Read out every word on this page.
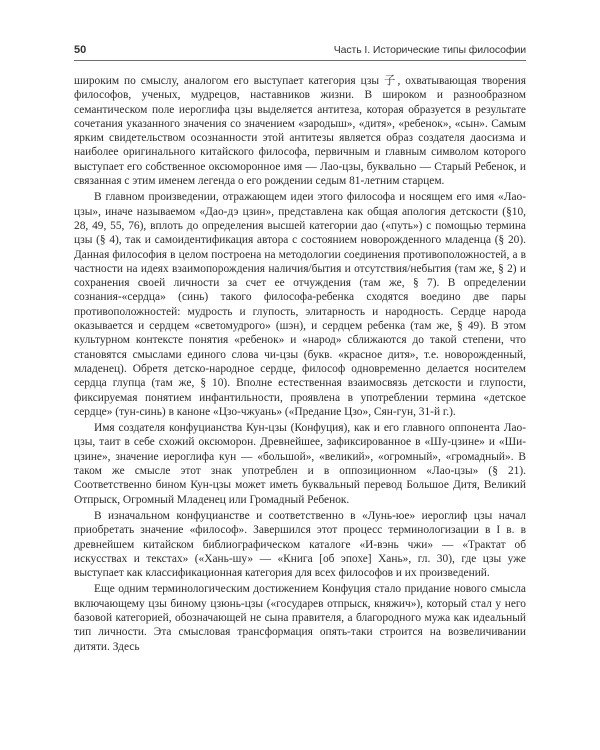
50	Часть I. Исторические типы философии

широким по смыслу, аналогом его выступает категория цзы 子, охватывающая творения философов, ученых, мудрецов, наставников жизни. В широком и разнообразном семантическом поле иероглифа цзы выделяется антитеза, которая образуется в результате сочетания указанного значения со значением «зародыш», «дитя», «ребенок», «сын». Самым ярким свидетельством осознанности этой антитезы является образ создателя даосизма и наиболее оригинального китайского философа, первичным и главным символом которого выступает его собственное оксюморонное имя — Лао-цзы, буквально — Старый Ребенок, и связанная с этим именем легенда о его рождении седым 81-летним старцем.

В главном произведении, отражающем идеи этого философа и носящем его имя «Лао-цзы», иначе называемом «Дао-дэ цзин», представлена как общая апология детскости (§10, 28, 49, 55, 76), вплоть до определения высшей категории дао («путь») с помощью термина цзы (§ 4), так и самоидентификация автора с состоянием новорожденного младенца (§ 20). Данная философия в целом построена на методологии соединения противоположностей, а в частности на идеях взаимопорождения наличия/бытия и отсутствия/небытия (там же, § 2) и сохранения своей личности за счет ее отчуждения (там же, § 7). В определении сознания-«сердца» (синь) такого философа-ребенка сходятся воедино две пары противоположностей: мудрость и глупость, элитарность и народность. Сердце народа оказывается и сердцем «светомудрого» (шэн), и сердцем ребенка (там же, § 49). В этом культурном контексте понятия «ребенок» и «народ» сближаются до такой степени, что становятся смыслами единого слова чи-цзы (букв. «красное дитя», т.е. новорожденный, младенец). Обретя детско-народное сердце, философ одновременно делается носителем сердца глупца (там же, § 10). Вполне естественная взаимосвязь детскости и глупости, фиксируемая понятием инфантильности, проявлена в употреблении термина «детское сердце» (тун-синь) в каноне «Цзо-чжуань» («Предание Цзо», Сян-гун, 31-й г.).

Имя создателя конфуцианства Кун-цзы (Конфуция), как и его главного оппонента Лао-цзы, таит в себе схожий оксюморон. Древнейшее, зафиксированное в «Шу-цзине» и «Ши-цзине», значение иероглифа кун — «большой», «великий», «огромный», «громадный». В таком же смысле этот знак употреблен и в оппозиционном «Лао-цзы» (§ 21). Соответственно бином Кун-цзы может иметь буквальный перевод Большое Дитя, Великий Отпрыск, Огромный Младенец или Громадный Ребенок.

В изначальном конфуцианстве и соответственно в «Лунь-юе» иероглиф цзы начал приобретать значение «философ». Завершился этот процесс терминологизации в I в. в древнейшем китайском библиографическом каталоге «И-вэнь чжи» — «Трактат об искусствах и текстах» («Хань-шу» — «Книга [об эпохе] Хань», гл. 30), где цзы уже выступает как классификационная категория для всех философов и их произведений.

Еще одним терминологическим достижением Конфуция стало придание нового смысла включающему цзы биному цзюнь-цзы («государев отпрыск, княжич»), который стал у него базовой категорией, обозначающей не сына правителя, а благородного мужа как идеальный тип личности. Эта смысловая трансформация опять-таки строится на возвеличивании дитяти. Здесь
